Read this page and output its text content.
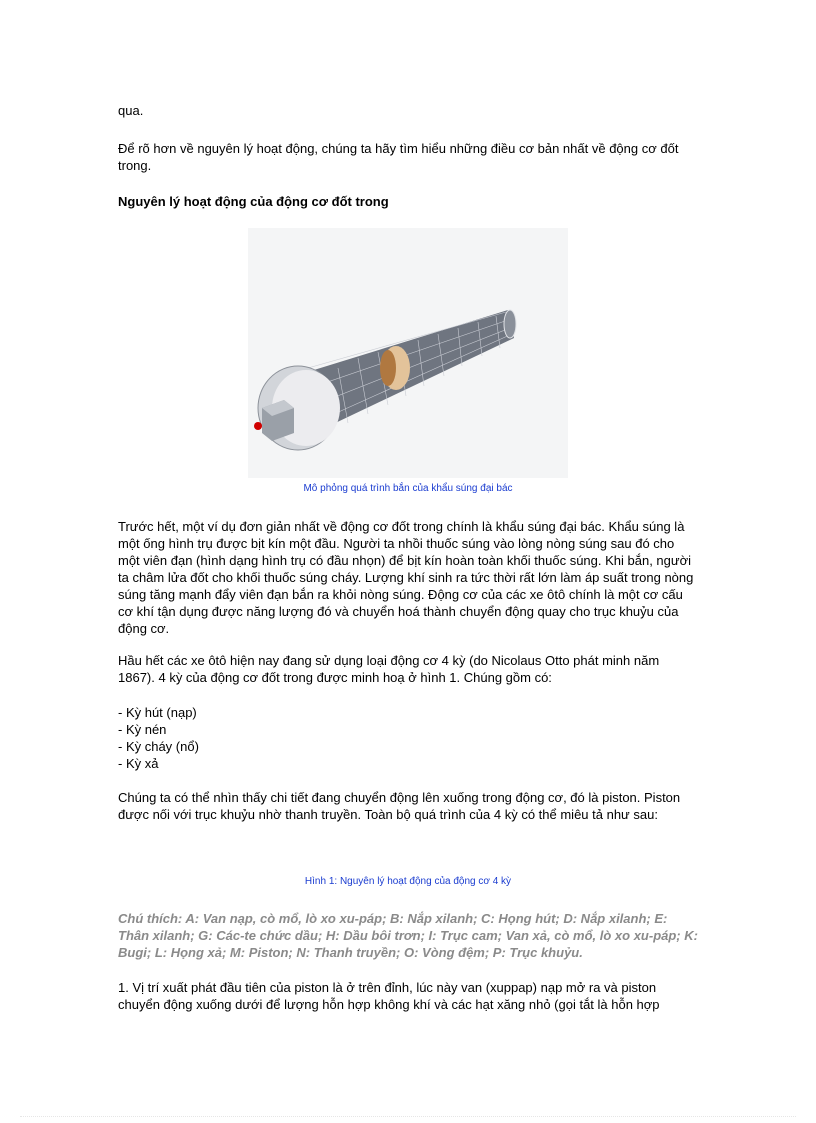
qua.

Để rõ hơn về nguyên lý hoạt động, chúng ta hãy tìm hiểu những điều cơ bản nhất về động cơ đốt trong.

Nguyên lý hoạt động của động cơ đốt trong

Mô phỏng quá trình bắn của khẩu súng đại bác

Trước hết, một ví dụ đơn giản nhất về động cơ đốt trong chính là khẩu súng đại bác. Khẩu súng là một ống hình trụ được bịt kín một đầu. Người ta nhồi thuốc súng vào lòng nòng súng sau đó cho một viên đạn (hình dạng hình trụ có đầu nhọn) để bịt kín hoàn toàn khối thuốc súng. Khi bắn, người ta châm lửa đốt cho khối thuốc súng cháy. Lượng khí sinh ra tức thời rất lớn làm áp suất trong nòng súng tăng mạnh đẩy viên đạn bắn ra khỏi nòng súng. Động cơ của các xe ôtô chính là một cơ cấu cơ khí tận dụng được năng lượng đó và chuyển hoá thành chuyển động quay cho trục khuỷu của động cơ.

Hầu hết các xe ôtô hiện nay đang sử dụng loại động cơ 4 kỳ (do Nicolaus Otto phát minh năm 1867). 4 kỳ của động cơ đốt trong được minh hoạ ở hình 1. Chúng gồm có:

- Kỳ hút (nạp)
- Kỳ nén
- Kỳ cháy (nổ)
- Kỳ xả

Chúng ta có thể nhìn thấy chi tiết đang chuyển động lên xuống trong động cơ, đó là piston. Piston được nối với trục khuỷu nhờ thanh truyền. Toàn bộ quá trình của 4 kỳ có thể miêu tả như sau:

Hình 1: Nguyên lý hoạt động của động cơ 4 kỳ

Chú thích: A: Van nạp, cò mổ, lò xo xu-páp; B: Nắp xilanh; C: Họng hút; D: Nắp xilanh; E: Thân xilanh; G: Các-te chức dầu; H: Dầu bôi trơn; I: Trục cam; Van xả, cò mổ, lò xo xu-páp; K: Bugi; L: Họng xả; M: Piston; N: Thanh truyền; O: Vòng đệm; P: Trục khuỷu.

1. Vị trí xuất phát đầu tiên của piston là ở trên đỉnh, lúc này van (xuppap) nạp mở ra và piston chuyển động xuống dưới để lượng hỗn hợp không khí và các hạt xăng nhỏ (gọi tắt là hỗn hợp
